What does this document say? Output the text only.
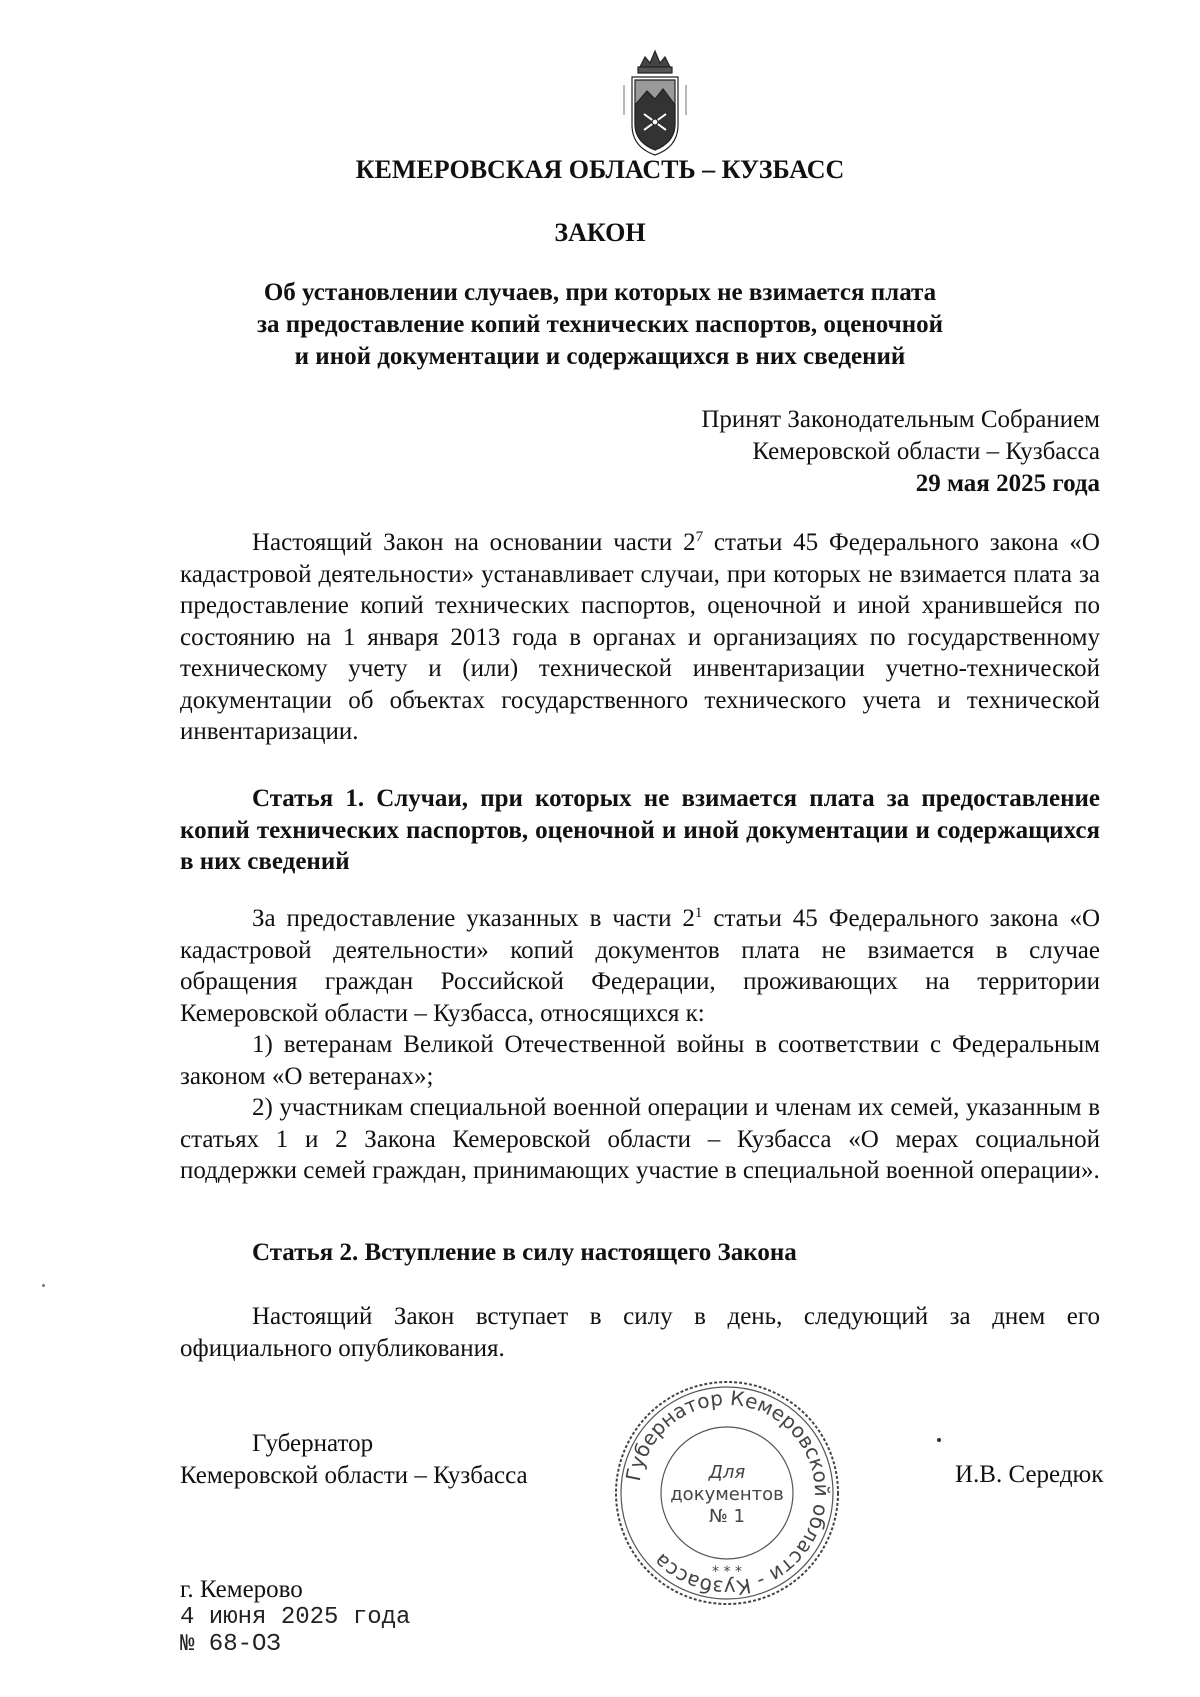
КЕМЕРОВСКАЯ ОБЛАСТЬ – КУЗБАСС
ЗАКОН
Об установлении случаев, при которых не взимается плата
за предоставление копий технических паспортов, оценочной
и иной документации и содержащихся в них сведений
Принят Законодательным Собранием
Кемеровской области – Кузбасса
29 мая 2025 года

Настоящий Закон на основании части $2^7$ статьи 45 Федерального закона «О кадастровой деятельности» устанавливает случаи, при которых не взимается плата за предоставление копий технических паспортов, оценочной и иной хранившейся по состоянию на 1 января 2013 года в органах и организациях по государственному техническому учету и (или) технической инвентаризации учетно-технической документации об объектах государственного технического учета и технической инвентаризации.

Статья 1. Случаи, при которых не взимается плата за предоставление копий технических паспортов, оценочной и иной документации и содержащихся в них сведений

За предоставление указанных в части $2^1$ статьи 45 Федерального закона «О кадастровой деятельности» копий документов плата не взимается в случае обращения граждан Российской Федерации, проживающих на территории Кемеровской области – Кузбасса, относящихся к:

1) ветеранам Великой Отечественной войны в соответствии с Федеральным законом «О ветеранах»;

2) участникам специальной военной операции и членам их семей, указанным в статьях 1 и 2 Закона Кемеровской области – Кузбасса «О мерах социальной поддержки семей граждан, принимающих участие в специальной военной операции».

Статья 2. Вступление в силу настоящего Закона

Настоящий Закон вступает в силу в день, следующий за днем его официального опубликования.

Губернатор
Кемеровской области – Кузбасса	И.В. Середюк
г. Кемерово
4 июня 2025 года
№ 68-ОЗ
Губернатор Кемеровской области - Кузбасса
Для
документов
№ 1
* * *
